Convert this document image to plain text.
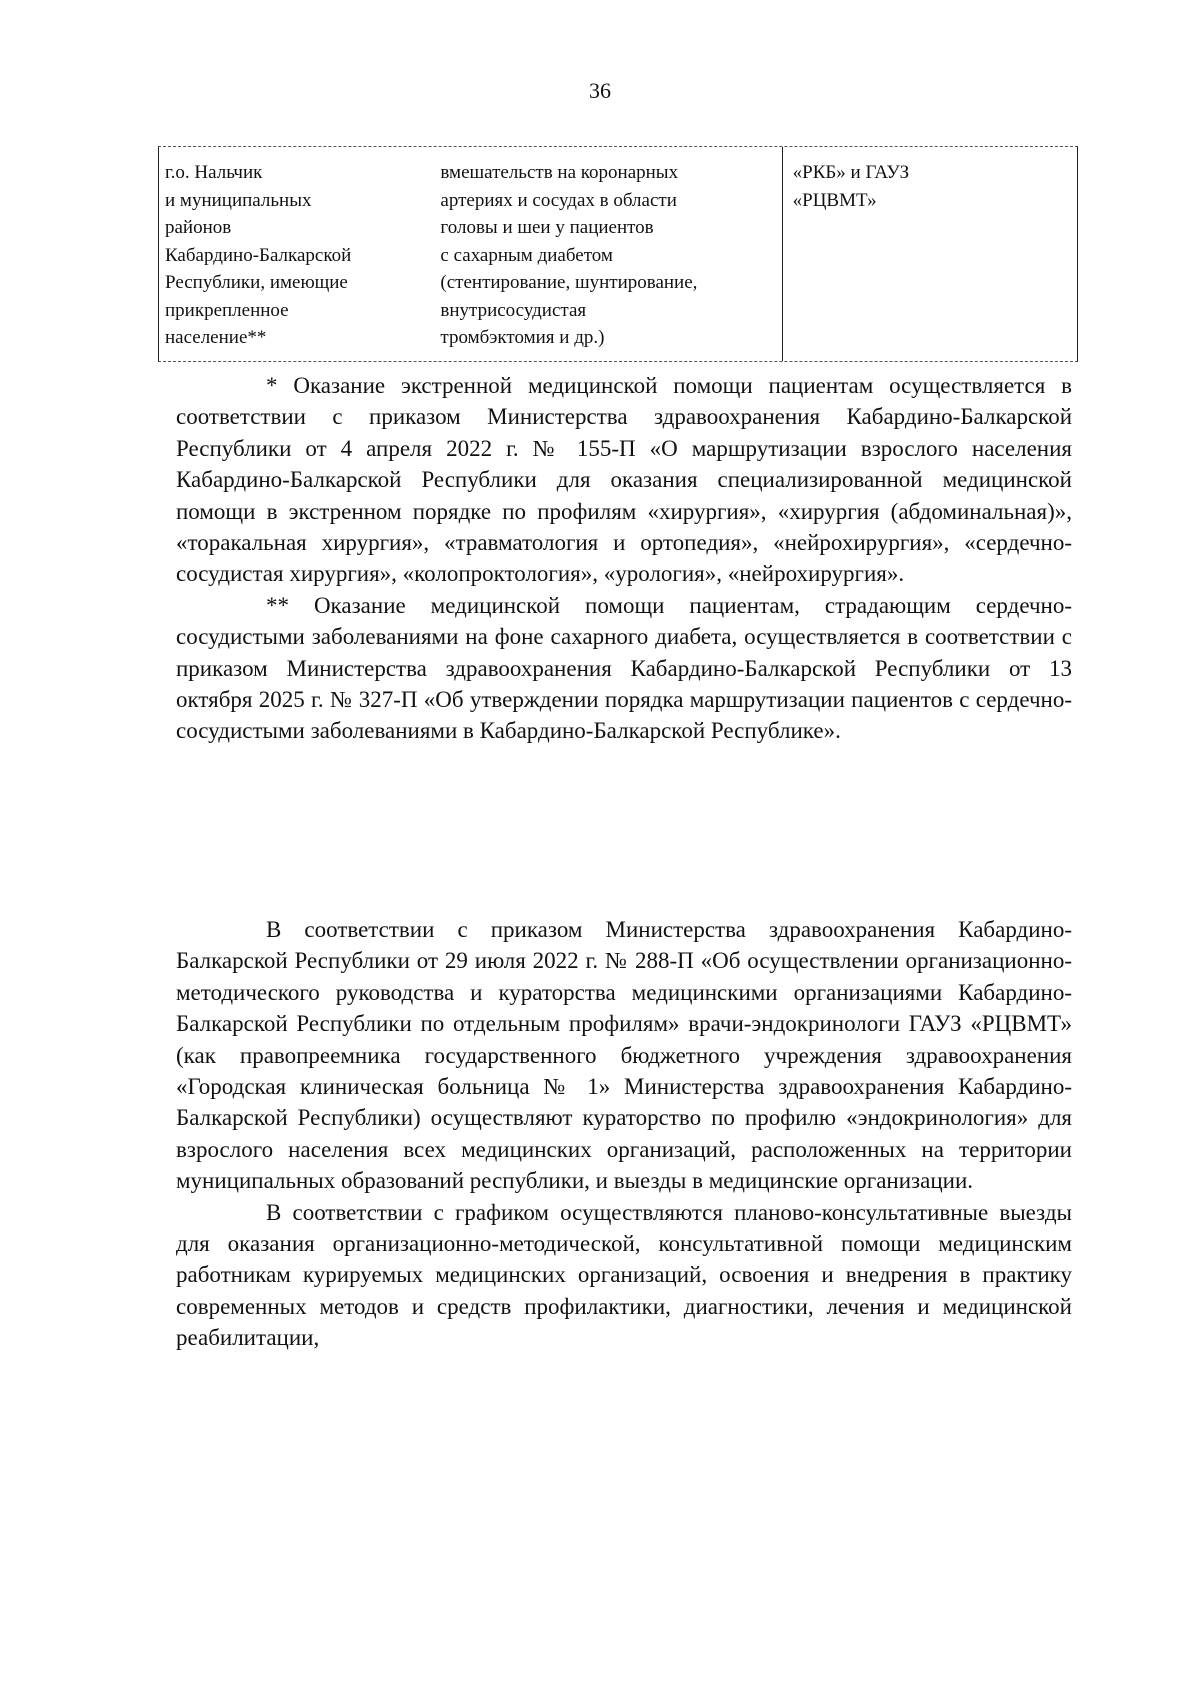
36
г.о. Нальчик
и муниципальных
районов
Кабардино-Балкарской
Республики, имеющие
прикрепленное
население**
вмешательств на коронарных
артериях и сосудах в области
головы и шеи у пациентов
с сахарным диабетом
(стентирование, шунтирование,
внутрисосудистая
тромбэктомия и др.)
«РКБ» и ГАУЗ
«РЦВМТ»

* Оказание экстренной медицинской помощи пациентам осуществляется в соответствии с приказом Министерства здравоохранения Кабардино-Балкарской Республики от 4 апреля 2022 г. № 155-П «О маршрутизации взрослого населения Кабардино-Балкарской Республики для оказания специализированной медицинской помощи в экстренном порядке по профилям «хирургия», «хирургия (абдоминальная)», «торакальная хирургия», «травматология и ортопедия», «нейрохирургия», «сердечно-сосудистая хирургия», «колопроктология», «урология», «нейрохирургия».

** Оказание медицинской помощи пациентам, страдающим сердечно-сосудистыми заболеваниями на фоне сахарного диабета, осуществляется в соответствии с приказом Министерства здравоохранения Кабардино-Балкарской Республики от 13 октября 2025 г. № 327-П «Об утверждении порядка маршрутизации пациентов с сердечно-сосудистыми заболеваниями в Кабардино-Балкарской Республике».

В соответствии с приказом Министерства здравоохранения Кабардино-Балкарской Республики от 29 июля 2022 г. № 288-П «Об осуществлении организационно-методического руководства и кураторства медицинскими организациями Кабардино-Балкарской Республики по отдельным профилям» врачи-эндокринологи ГАУЗ «РЦВМТ» (как правопреемника государственного бюджетного учреждения здравоохранения «Городская клиническая больница № 1» Министерства здравоохранения Кабардино-Балкарской Республики) осуществляют кураторство по профилю «эндокринология» для взрослого населения всех медицинских организаций, расположенных на территории муниципальных образований республики, и выезды в медицинские организации.

В соответствии с графиком осуществляются планово-консультативные выезды для оказания организационно-методической, консультативной помощи медицинским работникам курируемых медицинских организаций, освоения и внедрения в практику современных методов и средств профилактики, диагностики, лечения и медицинской реабилитации,
